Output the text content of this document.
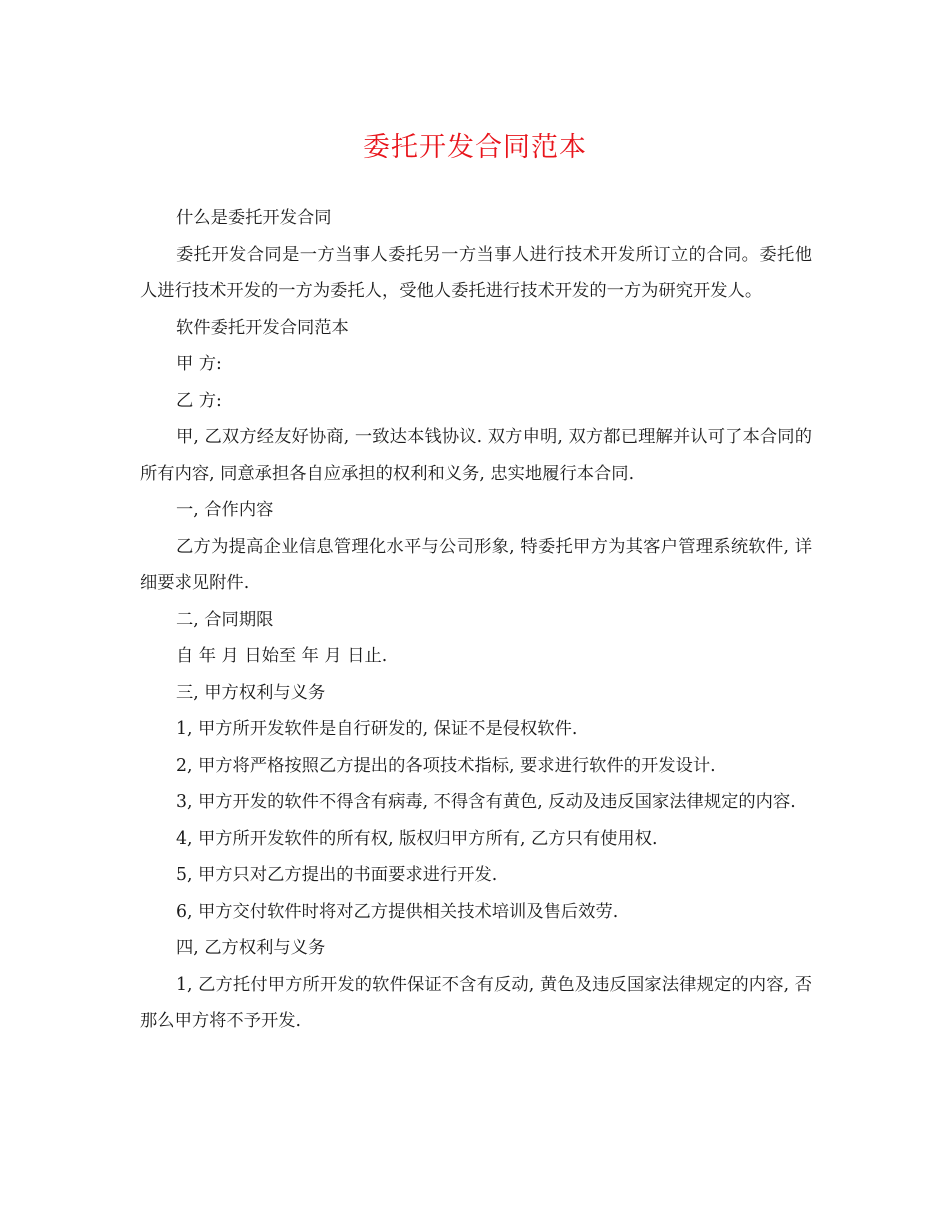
委托开发合同范本

什么是委托开发合同

委托开发合同是一方当事人委托另一方当事人进行技术开发所订立的合同。委托他人进行技术开发的一方为委托人，受他人委托进行技术开发的一方为研究开发人。

软件委托开发合同范本

甲 方:

乙 方:

甲, 乙双方经友好协商, 一致达本钱协议. 双方申明, 双方都已理解并认可了本合同的所有内容, 同意承担各自应承担的权利和义务, 忠实地履行本合同.

一, 合作内容

乙方为提高企业信息管理化水平与公司形象, 特委托甲方为其客户管理系统软件, 详细要求见附件.

二, 合同期限

自 年 月 日始至 年 月 日止.

三, 甲方权利与义务

1, 甲方所开发软件是自行研发的, 保证不是侵权软件.

2, 甲方将严格按照乙方提出的各项技术指标, 要求进行软件的开发设计.

3, 甲方开发的软件不得含有病毒, 不得含有黄色, 反动及违反国家法律规定的内容.

4, 甲方所开发软件的所有权, 版权归甲方所有, 乙方只有使用权.

5, 甲方只对乙方提出的书面要求进行开发.

6, 甲方交付软件时将对乙方提供相关技术培训及售后效劳.

四, 乙方权利与义务

1, 乙方托付甲方所开发的软件保证不含有反动, 黄色及违反国家法律规定的内容, 否那么甲方将不予开发.
